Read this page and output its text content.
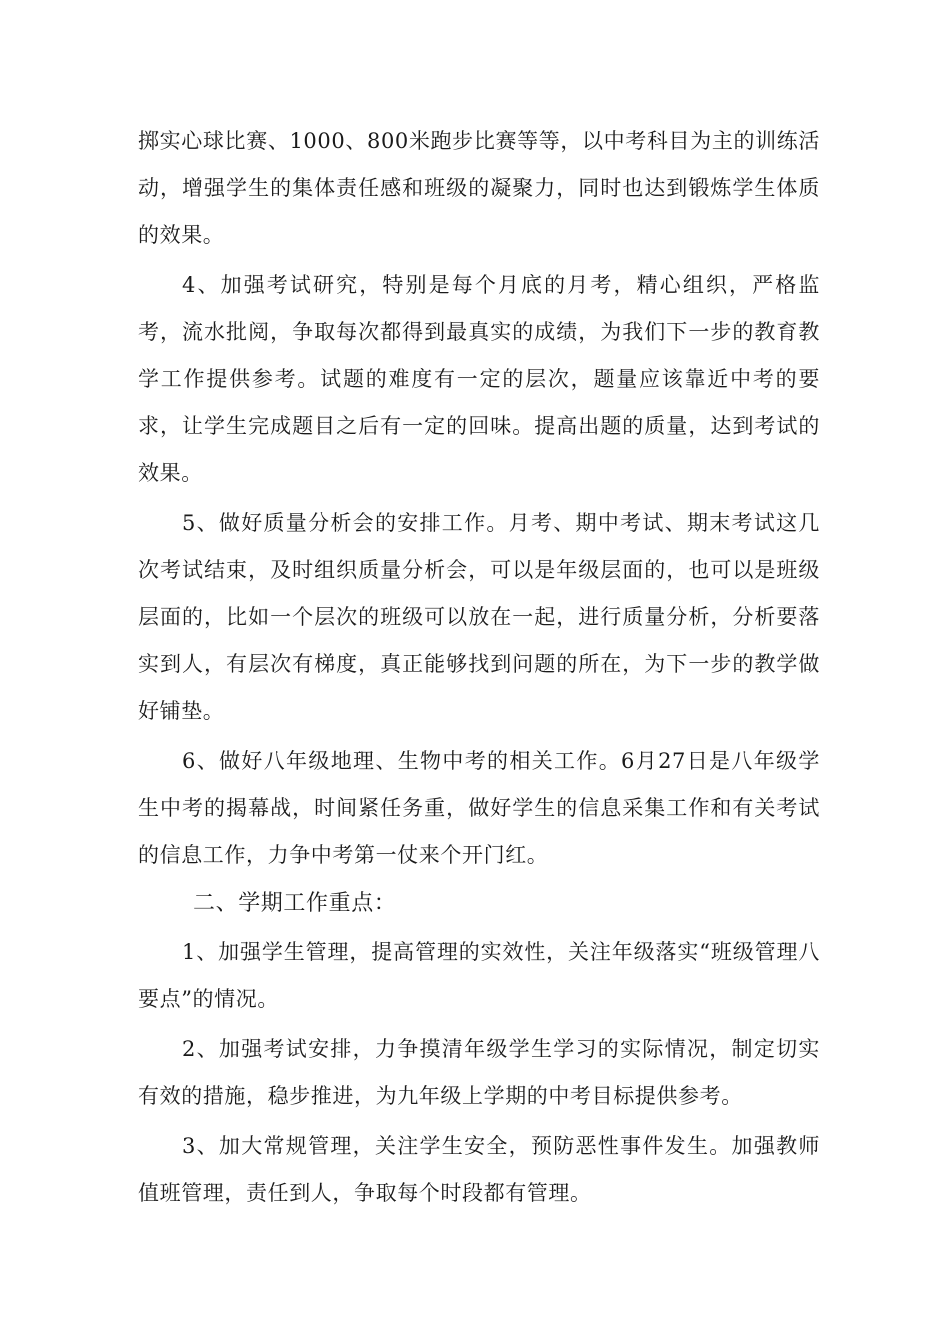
掷实心球比赛、1000、800米跑步比赛等等，以中考科目为主的训练活动，增强学生的集体责任感和班级的凝聚力，同时也达到锻炼学生体质的效果。

4、加强考试研究，特别是每个月底的月考，精心组织，严格监考，流水批阅，争取每次都得到最真实的成绩，为我们下一步的教育教学工作提供参考。试题的难度有一定的层次，题量应该靠近中考的要求，让学生完成题目之后有一定的回味。提高出题的质量，达到考试的效果。

5、做好质量分析会的安排工作。月考、期中考试、期末考试这几次考试结束，及时组织质量分析会，可以是年级层面的，也可以是班级层面的，比如一个层次的班级可以放在一起，进行质量分析，分析要落实到人，有层次有梯度，真正能够找到问题的所在，为下一步的教学做好铺垫。

6、做好八年级地理、生物中考的相关工作。6月27日是八年级学生中考的揭幕战，时间紧任务重，做好学生的信息采集工作和有关考试的信息工作，力争中考第一仗来个开门红。

二、学期工作重点：

1、加强学生管理，提高管理的实效性，关注年级落实“班级管理八要点”的情况。

2、加强考试安排，力争摸清年级学生学习的实际情况，制定切实有效的措施，稳步推进，为九年级上学期的中考目标提供参考。

3、加大常规管理，关注学生安全，预防恶性事件发生。加强教师值班管理，责任到人，争取每个时段都有管理。
